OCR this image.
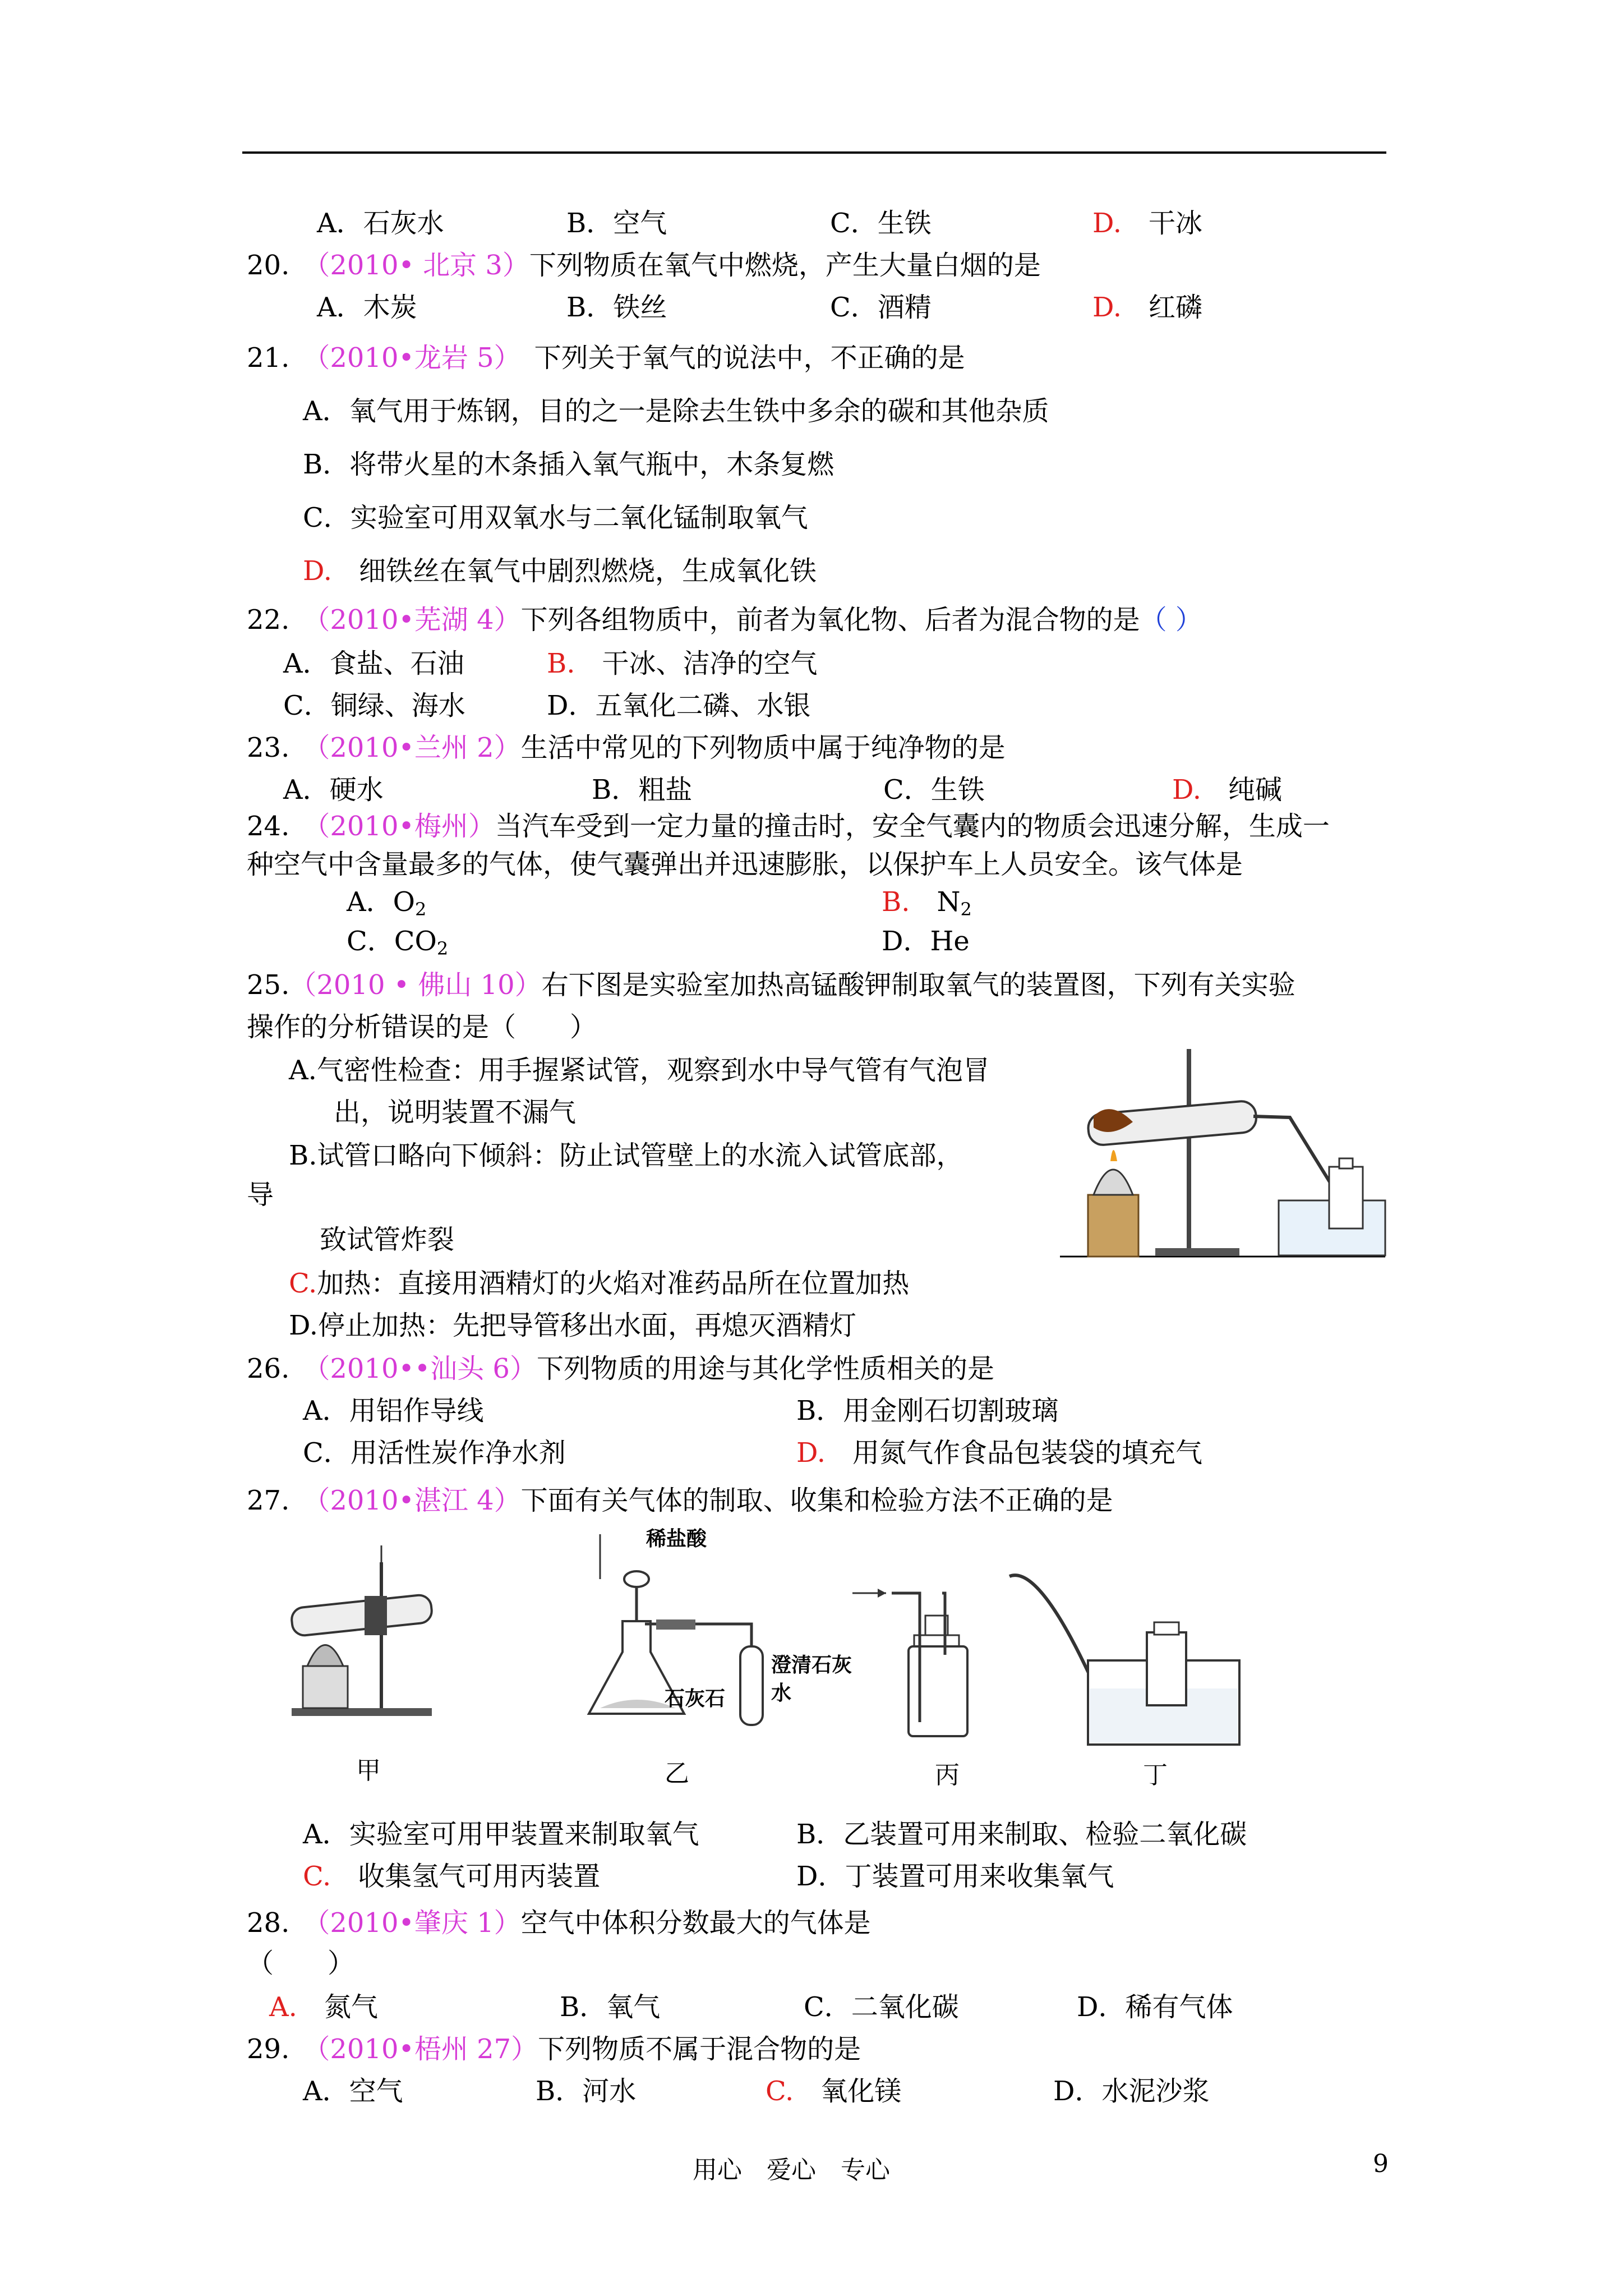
A．石灰水	B．空气	C．生铁	D.　 干冰
20.　 （2010• 北京 3）下列物质在氧气中燃烧，产生大量白烟的是
A．木炭	B．铁丝	C．酒精	D.　 红磷
21.　 （2010•龙岩 5）　 下列关于氧气的说法中，不正确的是
A．氧气用于炼钢，目的之一是除去生铁中多余的碳和其他杂质
B．将带火星的木条插入氧气瓶中，木条复燃
C．实验室可用双氧水与二氧化锰制取氧气
D.　 细铁丝在氧气中剧烈燃烧，生成氧化铁
22.　 （2010•芜湖 4）下列各组物质中，前者为氧化物、后者为混合物的是（ ）
A．食盐、石油	B.　 干冰、洁净的空气
C．铜绿、海水	D．五氧化二磷、水银
23.　 （2010•兰州 2）生活中常见的下列物质中属于纯净物的是
A．硬水	B．粗盐	C．生铁	D.　 纯碱
24.　 （2010•梅州）当汽车受到一定力量的撞击时，安全气囊内的物质会迅速分解，生成一
种空气中含量最多的气体，使气囊弹出并迅速膨胀，以保护车上人员安全。该气体是
A．$O_2$	B.　 $N_2$
C．$CO_2$	D．He
25.（2010 • 佛山 10）右下图是实验室加热高锰酸钾制取氧气的装置图，下列有关实验
操作的分析错误的是（　　）
A.气密性检查：用手握紧试管，观察到水中导气管有气泡冒
出，说明装置不漏气
B.试管口略向下倾斜：防止试管壁上的水流入试管底部，
导
致试管炸裂
C.加热：直接用酒精灯的火焰对准药品所在位置加热
D.停止加热：先把导管移出水面，再熄灭酒精灯
26.　 （2010••汕头 6）下列物质的用途与其化学性质相关的是
A．用铝作导线	B．用金刚石切割玻璃
C．用活性炭作净水剂	D.　 用氮气作食品包装袋的填充气
27.　 （2010•湛江 4）下面有关气体的制取、收集和检验方法不正确的是
甲
稀盐酸
石灰石
澄清石灰
水
乙	丙	丁
A．实验室可用甲装置来制取氧气	B．乙装置可用来制取、检验二氧化碳
C.　 收集氢气可用丙装置	D．丁装置可用来收集氧气
28.　 （2010•肇庆 1）空气中体积分数最大的气体是
（　　）
A.　 氮气	B．氧气	C．二氧化碳	D．稀有气体
29.　 （2010•梧州 27）下列物质不属于混合物的是
A．空气	B．河水	C.　 氧化镁	D．水泥沙浆
用心　爱心　专心	9
